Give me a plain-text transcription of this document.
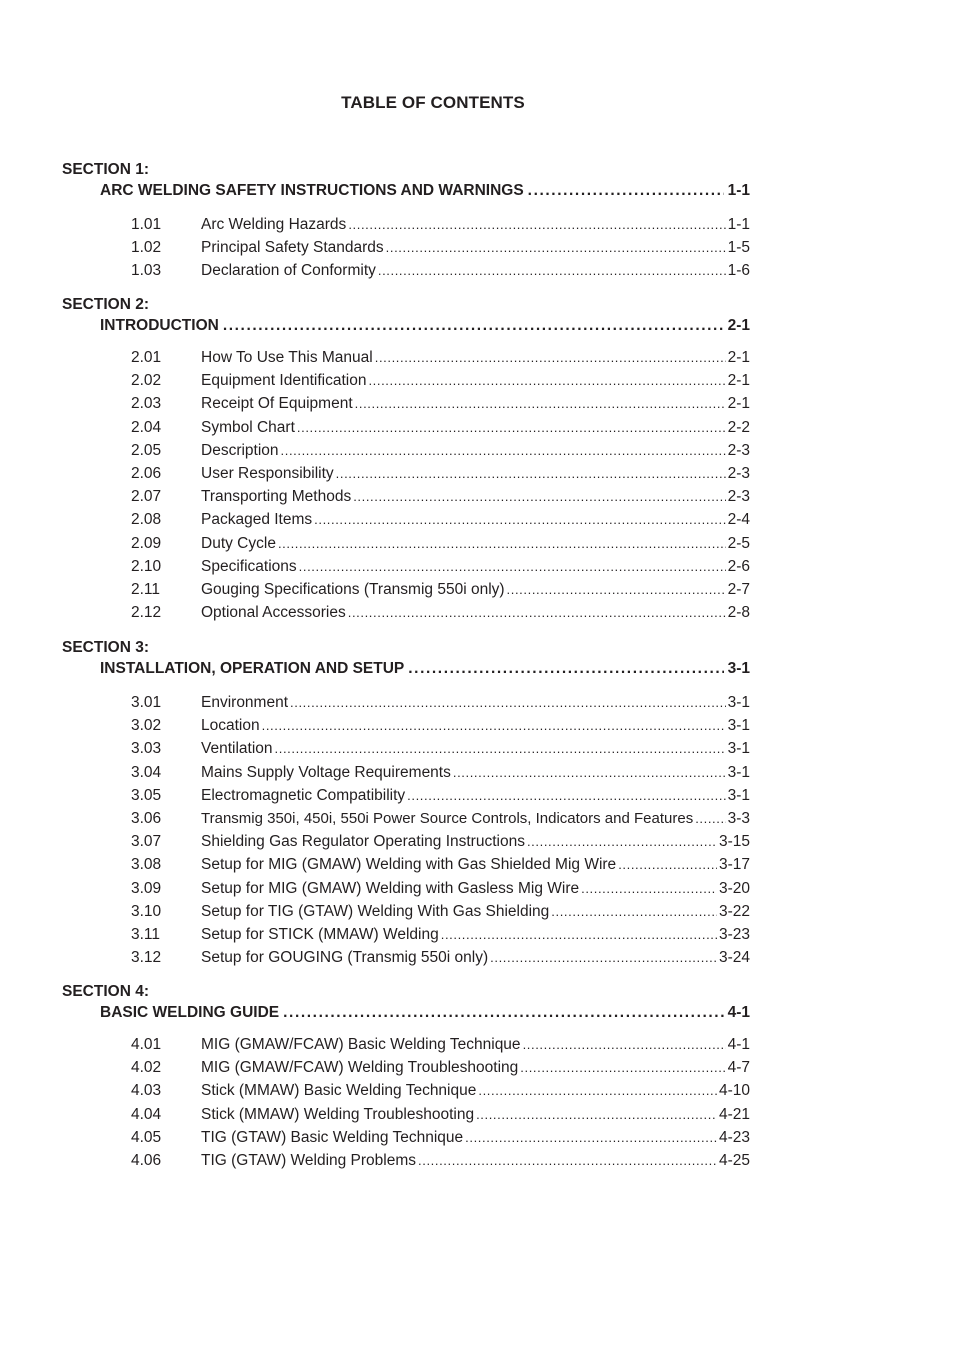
TABLE OF CONTENTS
SECTION 1:
ARC WELDING SAFETY INSTRUCTIONS AND WARNINGS .....	1-1
1.01	Arc Welding Hazards .....	1-1
1.02	Principal Safety Standards .....	1-5
1.03	Declaration of Conformity .....	1-6
SECTION 2:
INTRODUCTION .....	2-1
2.01	How To Use This Manual .....	2-1
2.02	Equipment Identification .....	2-1
2.03	Receipt Of Equipment .....	2-1
2.04	Symbol Chart .....	2-2
2.05	Description .....	2-3
2.06	User Responsibility .....	2-3
2.07	Transporting Methods .....	2-3
2.08	Packaged Items .....	2-4
2.09	Duty Cycle .....	2-5
2.10	Specifications .....	2-6
2.11	Gouging Specifications (Transmig 550i only) .....	2-7
2.12	Optional Accessories .....	2-8
SECTION 3:
INSTALLATION, OPERATION AND SETUP .....	3-1
3.01	Environment .....	3-1
3.02	Location .....	3-1
3.03	Ventilation .....	3-1
3.04	Mains Supply Voltage Requirements .....	3-1
3.05	Electromagnetic Compatibility .....	3-1
3.06	Transmig 350i, 450i, 550i Power Source Controls, Indicators and Features ..... 3-3
3.07	Shielding Gas Regulator Operating Instructions .....	3-15
3.08	Setup for MIG (GMAW) Welding with Gas Shielded Mig Wire .....	3-17
3.09	Setup for MIG (GMAW) Welding with Gasless Mig Wire .....	3-20
3.10	Setup for TIG (GTAW) Welding With Gas Shielding .....	3-22
3.11	Setup for STICK (MMAW) Welding .....	3-23
3.12	Setup for GOUGING (Transmig 550i only) .....	3-24
SECTION 4:
BASIC WELDING GUIDE .....	4-1
4.01	MIG (GMAW/FCAW) Basic Welding Technique .....	4-1
4.02	MIG (GMAW/FCAW) Welding Troubleshooting .....	4-7
4.03	Stick (MMAW) Basic Welding Technique .....	4-10
4.04	Stick (MMAW) Welding Troubleshooting .....	4-21
4.05	TIG (GTAW) Basic Welding Technique .....	4-23
4.06	TIG (GTAW) Welding Problems .....	4-25
